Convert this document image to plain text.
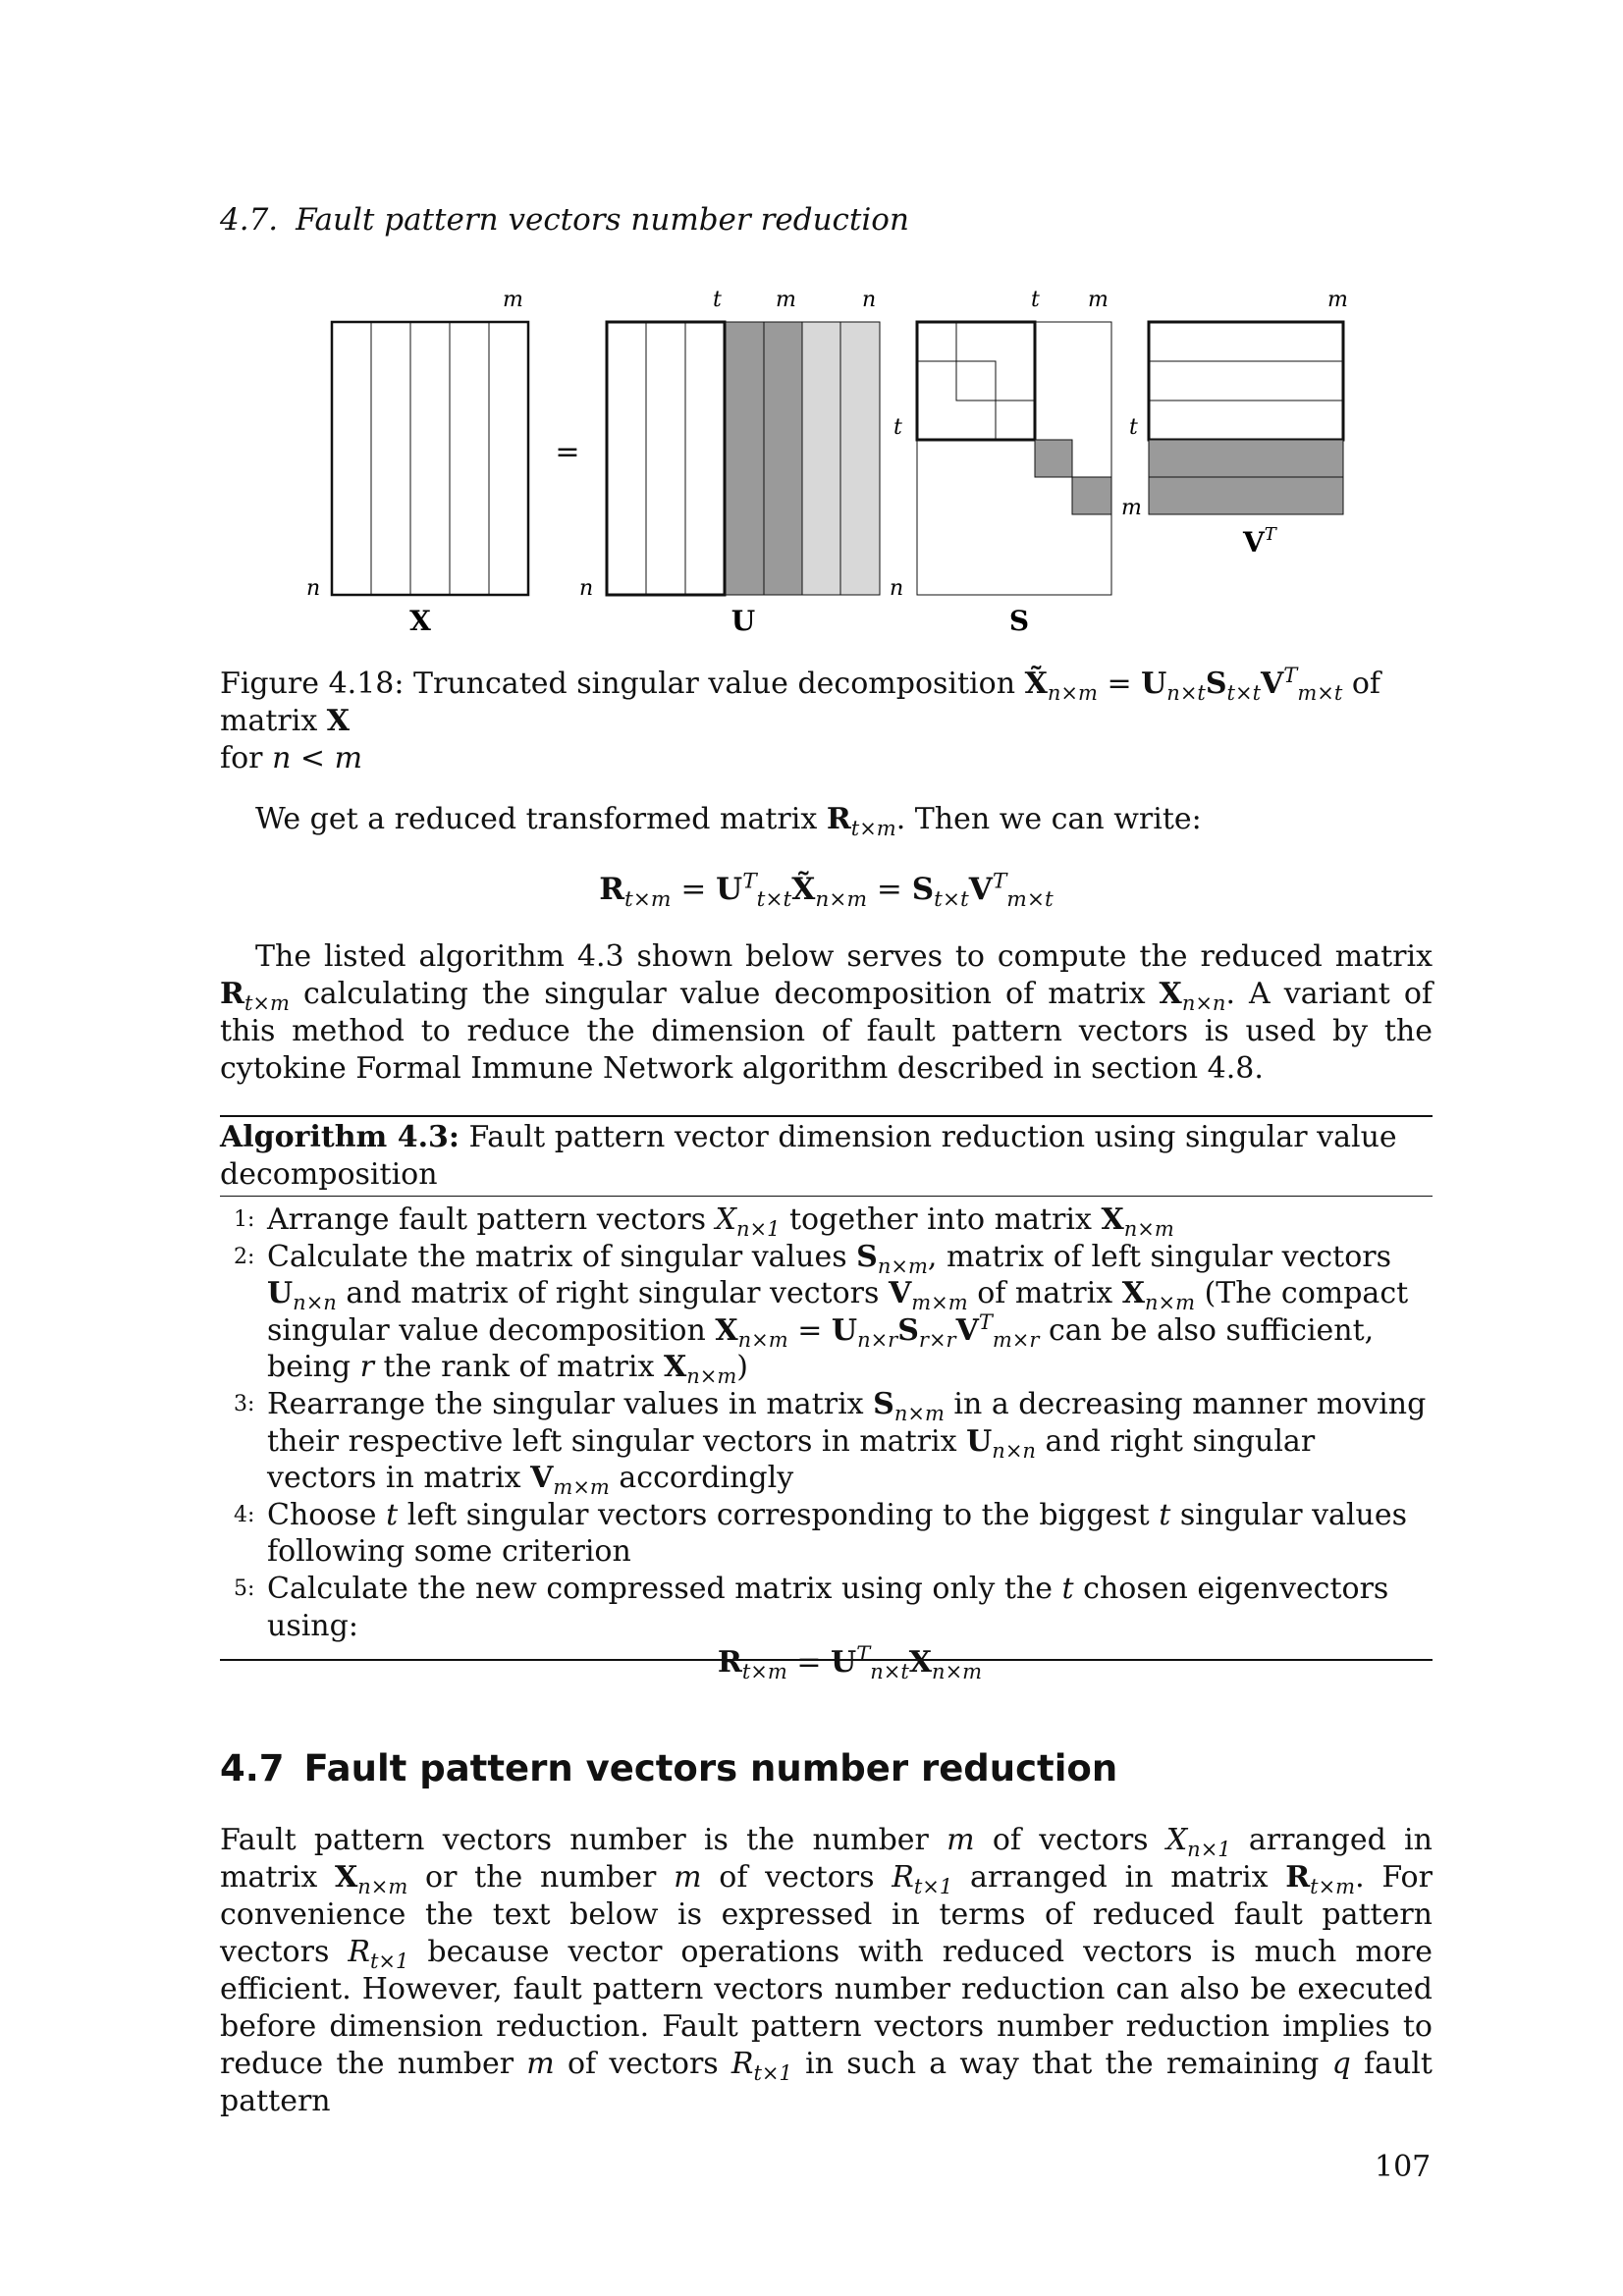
4.7. Fault pattern vectors number reduction
m
n
X
=
t	m	n
n
U
t m
t
n
S
m
t
m
$V^T$
Figure 4.18: Truncated singular value decomposition $X̃_{n\times m} = U_{n\times t}S_{t\times t}V^T_{m\times t}$ of matrix X
for n < m
We get a reduced transformed matrix $R_{t\times m}$. Then we can write:
$R_{t\times m}$ = $U^T_{t\times t}X̃_{n\times m} = S_{t\times t}V^T_{m\times t}$
The listed algorithm 4.3 shown below serves to compute the reduced matrix $R_{t\times m}$ calculating the singular value decomposition of matrix $X_{n\times n}$. A variant of this method to reduce the dimension of fault pattern vectors is used by the cytokine Formal Immune Network algorithm described in section 4.8.
Algorithm 4.3: Fault pattern vector dimension reduction using singular value decomposition
1: Arrange fault pattern vectors $X_{n\times 1}$ together into matrix $X_{n\times m}$
2: Calculate the matrix of singular values $S_{n\times m}$, matrix of left singular vectors $U_{n\times n}$ and matrix of right singular vectors $V_{m\times m}$ of matrix $X_{n\times m}$ (The compact singular value decomposition $X_{n\times m} = U_{n\times r}S_{r\times r}V^T_{m\times r}$ can be also sufficient, being r the rank of matrix $X_{n\times m}$)
3: Rearrange the singular values in matrix $S_{n\times m}$ in a decreasing manner moving their respective left singular vectors in matrix $U_{n\times n}$ and right singular vectors in matrix $V_{m\times m}$ accordingly
4: Choose t left singular vectors corresponding to the biggest t singular values following some criterion
5: Calculate the new compressed matrix using only the t chosen eigenvectors using:
$R_{t\times m} = U^T_{n\times t}X_{n\times m}$
4.7 Fault pattern vectors number reduction
Fault pattern vectors number is the number m of vectors $X_{n\times 1}$ arranged in matrix $X_{n\times m}$ or the number m of vectors $R_{t\times 1}$ arranged in matrix $R_{t\times m}$. For convenience the text below is expressed in terms of reduced fault pattern vectors $R_{t\times 1}$ because vector operations with reduced vectors is much more efficient. However, fault pattern vectors number reduction can also be executed before dimension reduction. Fault pattern vectors number reduction implies to reduce the number m of vectors $R_{t\times 1}$ in such a way that the remaining q fault pattern
107
